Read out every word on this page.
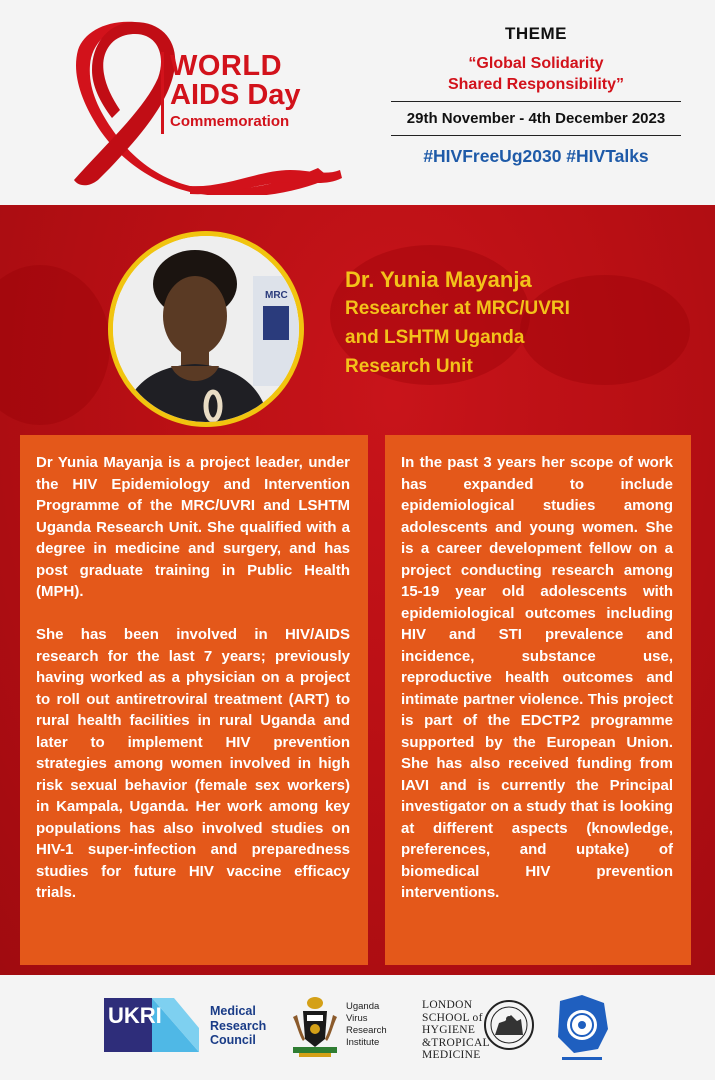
WORLD
AIDS Day
Commemoration
THEME
“Global Solidarity
Shared Responsibility”
29th November - 4th December 2023
#HIVFreeUg2030 #HIVTalks
MRC
Dr. Yunia Mayanja
Researcher at MRC/UVRI
and LSHTM Uganda
Research Unit

Dr Yunia Mayanja is a project leader, under the HIV Epidemiology and Intervention Programme of the MRC/UVRI and LSHTM Uganda Research Unit. She qualified with a degree in medicine and surgery, and has post graduate training in Public Health (MPH).

She has been involved in HIV/AIDS research for the last 7 years; previously having worked as a physician on a project to roll out antiretroviral treatment (ART) to rural health facilities in rural Uganda and later to implement HIV prevention strategies among women involved in high risk sexual behavior (female sex workers) in Kampala, Uganda. Her work among key populations has also involved studies on HIV-1 super-infection and preparedness studies for future HIV vaccine efficacy trials.

In the past 3 years her scope of work has expanded to include epidemiological studies among adolescents and young women. She is a career development fellow on a project conducting research among 15-19 year old adolescents with epidemiological outcomes including HIV and STI prevalence and incidence, substance use, reproductive health outcomes and intimate partner violence. This project is part of the EDCTP2 programme supported by the European Union. She has also received funding from IAVI and is currently the Principal investigator on a study that is looking at different aspects (knowledge, preferences, and uptake) of biomedical HIV prevention interventions.

UKRI	Medical
Research
Council
Uganda
Virus
Research
Institute
LONDON
SCHOOL of
HYGIENE
&TROPICAL
MEDICINE
